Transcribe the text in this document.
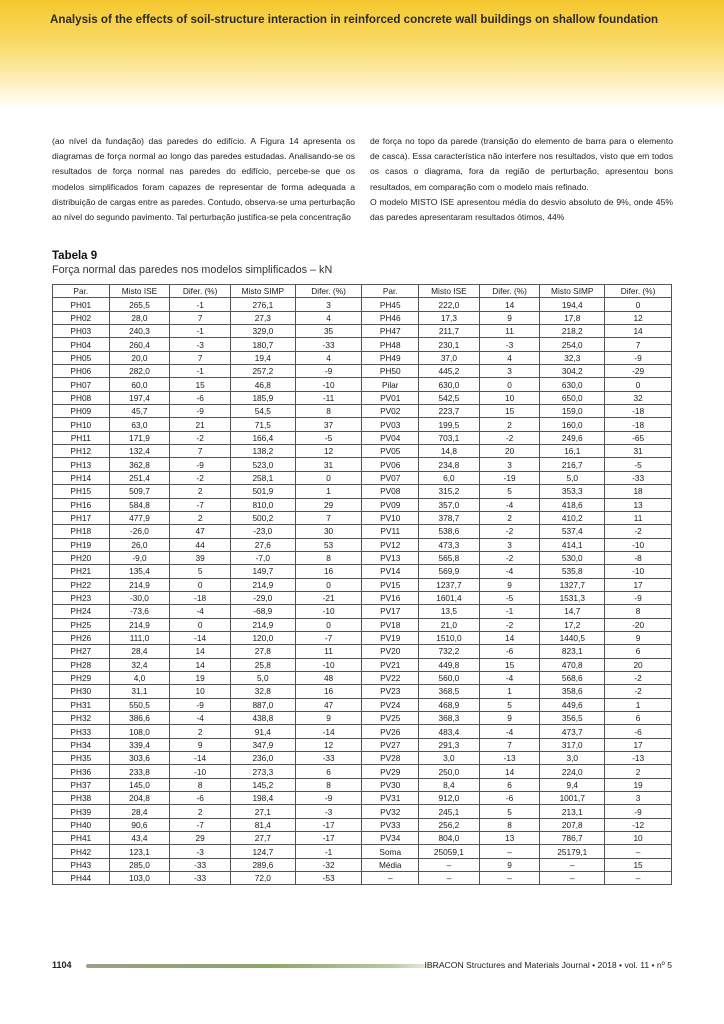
Analysis of the effects of soil-structure interaction in reinforced concrete wall buildings on shallow foundation

(ao nível da fundação) das paredes do edifício. A Figura 14 apresenta os diagramas de força normal ao longo das paredes estudadas. Analisando-se os resultados de força normal nas paredes do edifício, percebe-se que os modelos simplificados foram capazes de representar de forma adequada a distribuição de cargas entre as paredes. Contudo, observa-se uma perturbação ao nível do segundo pavimento. Tal perturbação justifica-se pela concentração

de força no topo da parede (transição do elemento de barra para o elemento de casca). Essa característica não interfere nos resultados, visto que em todos os casos o diagrama, fora da região de perturbação, apresentou bons resultados, em comparação com o modelo mais refinado.

O modelo MISTO ISE apresentou média do desvio absoluto de 9%, onde 45% das paredes apresentaram resultados ótimos, 44%

Tabela 9
Força normal das paredes nos modelos simplificados – kN
Par.	Misto ISE	Difer. (%)	Misto SIMP	Difer. (%)	Par.	Misto ISE	Difer. (%)	Misto SIMP	Difer. (%)
PH01	265,5	-1	276,1	3	PH45	222,0	14	194,4	0
PH02	28,0	7	27,3	4	PH46	17,3	9	17,8	12
PH03	240,3	-1	329,0	35	PH47	211,7	11	218,2	14
PH04	260,4	-3	180,7	-33	PH48	230,1	-3	254,0	7
PH05	20,0	7	19,4	4	PH49	37,0	4	32,3	-9
PH06	282,0	-1	257,2	-9	PH50	445,2	3	304,2	-29
PH07	60,0	15	46,8	-10	Pilar	630,0	0	630,0	0
PH08	197,4	-6	185,9	-11	PV01	542,5	10	650,0	32
PH09	45,7	-9	54,5	8	PV02	223,7	15	159,0	-18
PH10	63,0	21	71,5	37	PV03	199,5	2	160,0	-18
PH11	171,9	-2	166,4	-5	PV04	703,1	-2	249,6	-65
PH12	132,4	7	138,2	12	PV05	14,8	20	16,1	31
PH13	362,8	-9	523,0	31	PV06	234,8	3	216,7	-5
PH14	251,4	-2	258,1	0	PV07	6,0	-19	5,0	-33
PH15	509,7	2	501,9	1	PV08	315,2	5	353,3	18
PH16	584,8	-7	810,0	29	PV09	357,0	-4	418,6	13
PH17	477,9	2	500,2	7	PV10	378,7	2	410,2	11
PH18	-26,0	47	-23,0	30	PV11	538,6	-2	537,4	-2
PH19	26,0	44	27,6	53	PV12	473,3	3	414,1	-10
PH20	-9,0	39	-7,0	8	PV13	565,8	-2	530,0	-8
PH21	135,4	5	149,7	16	PV14	569,9	-4	535,8	-10
PH22	214,9	0	214,9	0	PV15	1237,7	9	1327,7	17
PH23	-30,0	-18	-29,0	-21	PV16	1601,4	-5	1531,3	-9
PH24	-73,6	-4	-68,9	-10	PV17	13,5	-1	14,7	8
PH25	214,9	0	214,9	0	PV18	21,0	-2	17,2	-20
PH26	111,0	-14	120,0	-7	PV19	1510,0	14	1440,5	9
PH27	28,4	14	27,8	11	PV20	732,2	-6	823,1	6
PH28	32,4	14	25,8	-10	PV21	449,8	15	470,8	20
PH29	4,0	19	5,0	48	PV22	560,0	-4	568,6	-2
PH30	31,1	10	32,8	16	PV23	368,5	1	358,6	-2
PH31	550,5	-9	887,0	47	PV24	468,9	5	449,6	1
PH32	386,6	-4	438,8	9	PV25	368,3	9	356,5	6
PH33	108,0	2	91,4	-14	PV26	483,4	-4	473,7	-6
PH34	339,4	9	347,9	12	PV27	291,3	7	317,0	17
PH35	303,6	-14	236,0	-33	PV28	3,0	-13	3,0	-13
PH36	233,8	-10	273,3	6	PV29	250,0	14	224,0	2
PH37	145,0	8	145,2	8	PV30	8,4	6	9,4	19
PH38	204,8	-6	198,4	-9	PV31	912,0	-6	1001,7	3
PH39	28,4	2	27,1	-3	PV32	245,1	5	213,1	-9
PH40	90,6	-7	81,4	-17	PV33	256,2	8	207,8	-12
PH41	43,4	29	27,7	-17	PV34	804,0	13	786,7	10
PH42	123,1	-3	124,7	-1	Soma	25059,1	–	25179,1	–
PH43	285,0	-33	289,6	-32	Média	–	9	–	15
PH44	103,0	-33	72,0	-53	–	–	–	–	–
1104	IBRACON Structures and Materials Journal • 2018 • vol. 11 • nº 5
